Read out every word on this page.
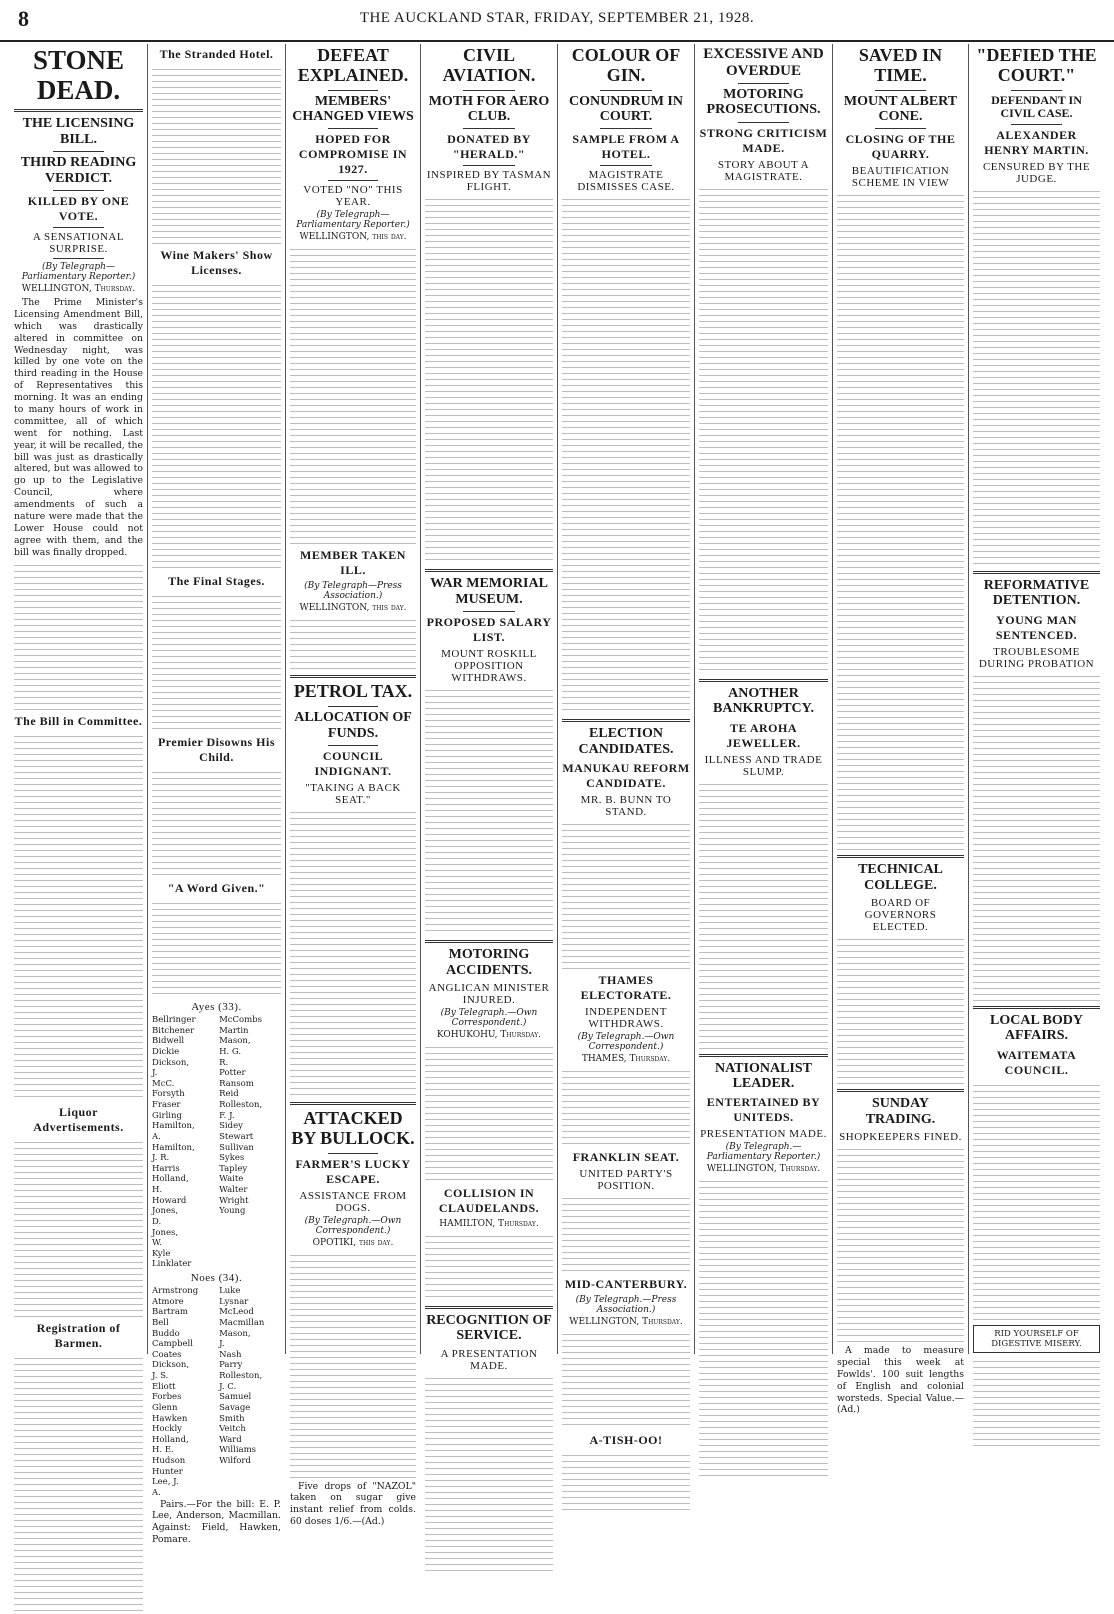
8	THE AUCKLAND STAR, FRIDAY, SEPTEMBER 21, 1928.
STONE DEAD.
THE LICENSING BILL.
THIRD READING VERDICT.
KILLED BY ONE VOTE.
A SENSATIONAL SURPRISE.
(By Telegraph—Parliamentary Reporter.)
WELLINGTON, Thursday.

The Prime Minister's Licensing Amendment Bill, which was drastically altered in committee on Wednesday night, was killed by one vote on the third reading in the House of Representatives this morning. It was an ending to many hours of work in committee, all of which went for nothing. Last year, it will be recalled, the bill was just as drastically altered, but was allowed to go up to the Legislative Council, where amendments of such a nature were made that the Lower House could not agree with them, and the bill was finally dropped.

The Bill in Committee.
Liquor Advertisements.
Registration of Barmen.
The Stranded Hotel.
Wine Makers' Show Licenses.
The Final Stages.
Premier Disowns His Child.
"A Word Given."
Ayes (33).
Bellringer
Bitchener
Bidwell
Dickie
Dickson, J. McC.
Forsyth
Fraser
Girling
Hamilton, A.
Hamilton, J. R.
Harris
Holland, H.
Howard
Jones, D.
Jones, W.
Kyle
Linklater
McCombs
Martin
Mason, H. G. R.
Potter
Ransom
Reid
Rolleston, F. J.
Sidey
Stewart
Sullivan
Sykes
Tapley
Waite
Walter
Wright
Young
Noes (34).
Armstrong
Atmore
Bartram
Bell
Buddo
Campbell
Coates
Dickson, J. S.
Eliott
Forbes
Glenn
Hawken
Hockly
Holland, H. E.
Hudson
Hunter
Lee, J. A.
Luke
Lysnar
McLeod
Macmillan
Mason, J.
Nash
Parry
Rolleston, J. C.
Samuel
Savage
Smith
Veitch
Ward
Williams
Wilford

Pairs.—For the bill: E. P. Lee, Anderson, Macmillan. Against: Field, Hawken, Pomare.

DEFEAT EXPLAINED.
MEMBERS' CHANGED VIEWS
HOPED FOR COMPROMISE IN 1927.
VOTED "NO" THIS YEAR.
(By Telegraph—Parliamentary Reporter.)
WELLINGTON, this day.
MEMBER TAKEN ILL.
(By Telegraph—Press Association.)
WELLINGTON, this day.
PETROL TAX.
ALLOCATION OF FUNDS.
COUNCIL INDIGNANT.
"TAKING A BACK SEAT."
ATTACKED BY BULLOCK.
FARMER'S LUCKY ESCAPE.
ASSISTANCE FROM DOGS.
(By Telegraph.—Own Correspondent.)
OPOTIKI, this day.

Five drops of "NAZOL" taken on sugar give instant relief from colds. 60 doses 1/6.—(Ad.)

CIVIL AVIATION.
MOTH FOR AERO CLUB.
DONATED BY "HERALD."
INSPIRED BY TASMAN FLIGHT.
WAR MEMORIAL MUSEUM.
PROPOSED SALARY LIST.
MOUNT ROSKILL OPPOSITION WITHDRAWS.
MOTORING ACCIDENTS.
ANGLICAN MINISTER INJURED.
(By Telegraph.—Own Correspondent.)
KOHUKOHU, Thursday.
COLLISION IN CLAUDELANDS.
HAMILTON, Thursday.
RECOGNITION OF SERVICE.
A PRESENTATION MADE.
COLOUR OF GIN.
CONUNDRUM IN COURT.
SAMPLE FROM A HOTEL.
MAGISTRATE DISMISSES CASE.
ELECTION CANDIDATES.
MANUKAU REFORM CANDIDATE.
MR. B. BUNN TO STAND.
THAMES ELECTORATE.
INDEPENDENT WITHDRAWS.
(By Telegraph.—Own Correspondent.)
THAMES, Thursday.
FRANKLIN SEAT.
UNITED PARTY'S POSITION.
MID-CANTERBURY.
(By Telegraph.—Press Association.)
WELLINGTON, Thursday.
A-TISH-OO!
EXCESSIVE AND OVERDUE
MOTORING PROSECUTIONS.
STRONG CRITICISM MADE.
STORY ABOUT A MAGISTRATE.
ANOTHER BANKRUPTCY.
TE AROHA JEWELLER.
ILLNESS AND TRADE SLUMP.
NATIONALIST LEADER.
ENTERTAINED BY UNITEDS.
PRESENTATION MADE.
(By Telegraph.—Parliamentary Reporter.)
WELLINGTON, Thursday.
SAVED IN TIME.
MOUNT ALBERT CONE.
CLOSING OF THE QUARRY.
BEAUTIFICATION SCHEME IN VIEW
TECHNICAL COLLEGE.
BOARD OF GOVERNORS ELECTED.
SUNDAY TRADING.
SHOPKEEPERS FINED.

A made to measure special this week at Fowlds'. 100 suit lengths of English and colonial worsteds. Special Value.—(Ad.)

"DEFIED THE COURT."
DEFENDANT IN CIVIL CASE.
ALEXANDER HENRY MARTIN.
CENSURED BY THE JUDGE.
REFORMATIVE DETENTION.
YOUNG MAN SENTENCED.
TROUBLESOME DURING PROBATION
LOCAL BODY AFFAIRS.
WAITEMATA COUNCIL.
RID YOURSELF OF DIGESTIVE MISERY.
